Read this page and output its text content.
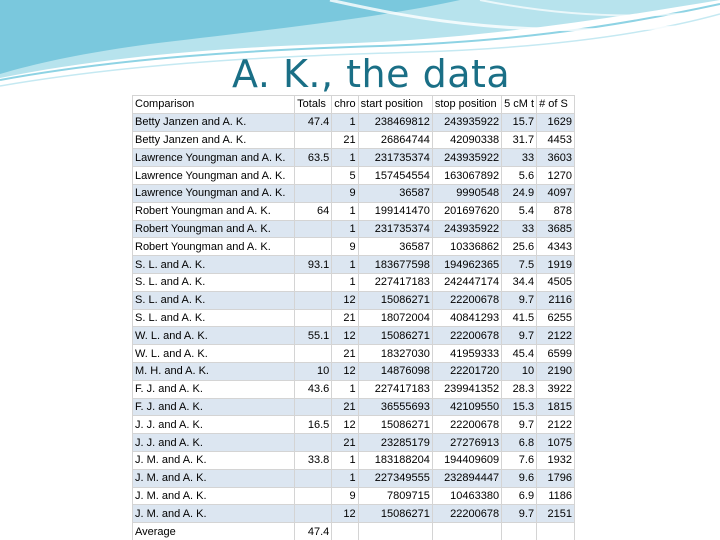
A. K., the data
Comparison	Totals	chro	start position	stop position	5 cM t	# of S
Betty Janzen and A. K.	47.4	1	238469812	243935922	15.7	1629
Betty Janzen and A. K.		21	26864744	42090338	31.7	4453
Lawrence Youngman and A. K.	63.5	1	231735374	243935922	33	3603
Lawrence Youngman and A. K.		5	157454554	163067892	5.6	1270
Lawrence Youngman and A. K.		9	36587	9990548	24.9	4097
Robert Youngman and A. K.	64	1	199141470	201697620	5.4	878
Robert Youngman and A. K.		1	231735374	243935922	33	3685
Robert Youngman and A. K.		9	36587	10336862	25.6	4343
S. L. and A. K.	93.1	1	183677598	194962365	7.5	1919
S. L. and A. K.		1	227417183	242447174	34.4	4505
S. L. and A. K.		12	15086271	22200678	9.7	2116
S. L. and A. K.		21	18072004	40841293	41.5	6255
W. L. and A. K.	55.1	12	15086271	22200678	9.7	2122
W. L. and A. K.		21	18327030	41959333	45.4	6599
M. H. and A. K.	10	12	14876098	22201720	10	2190
F. J. and A. K.	43.6	1	227417183	239941352	28.3	3922
F. J. and A. K.		21	36555693	42109550	15.3	1815
J. J. and A. K.	16.5	12	15086271	22200678	9.7	2122
J. J. and A. K.		21	23285179	27276913	6.8	1075
J. M. and A. K.	33.8	1	183188204	194409609	7.6	1932
J. M. and A. K.		1	227349555	232894447	9.6	1796
J. M. and A. K.		9	7809715	10463380	6.9	1186
J. M. and A. K.		12	15086271	22200678	9.7	2151
Average	47.4					
